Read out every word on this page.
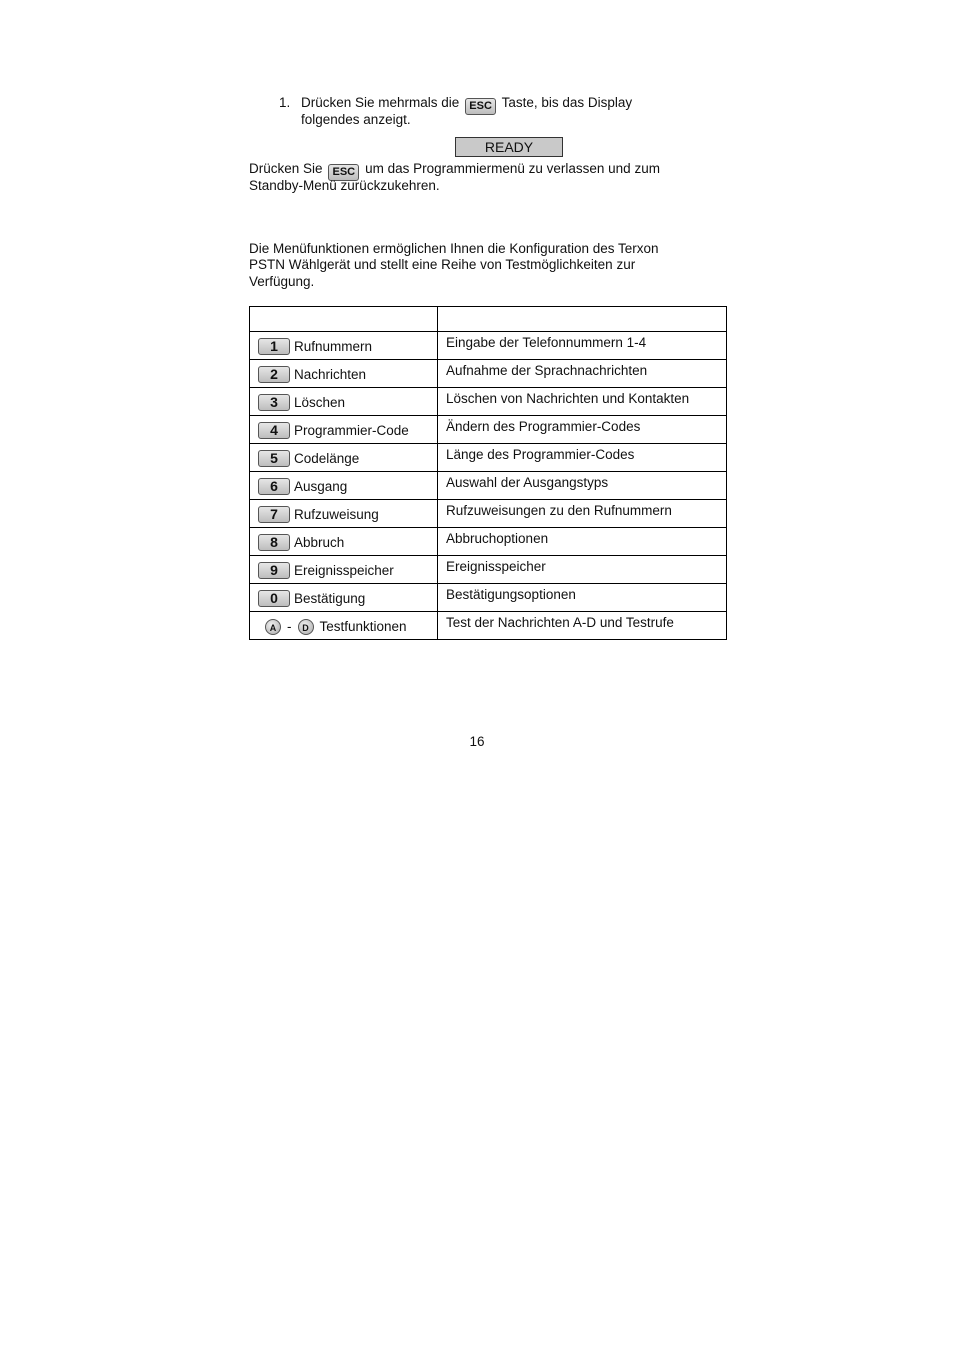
1. Drücken Sie mehrmals die ESC Taste, bis das Display
folgendes anzeigt.
READY
Drücken Sie ESC um das Programmiermenü zu verlassen und zum
Standby-Menü zurückzukehren.
Die Menüfunktionen ermöglichen Ihnen die Konfiguration des Terxon
PSTN Wählgerät und stellt eine Reihe von Testmöglichkeiten zur
Verfügung.

1 Rufnummern	Eingabe der Telefonnummern 1-4

2 Nachrichten	Aufnahme der Sprachnachrichten

3 Löschen	Löschen von Nachrichten und Kontakten

4 Programmier-Code	Ändern des Programmier-Codes

5 Codelänge	Länge des Programmier-Codes

6 Ausgang	Auswahl der Ausgangstyps

7 Rufzuweisung	Rufzuweisungen zu den Rufnummern

8 Abbruch	Abbruchoptionen

9 Ereignisspeicher	Ereignisspeicher

0 Bestätigung	Bestätigungsoptionen

A - D Testfunktionen	Test der Nachrichten A-D und Testrufe
16
